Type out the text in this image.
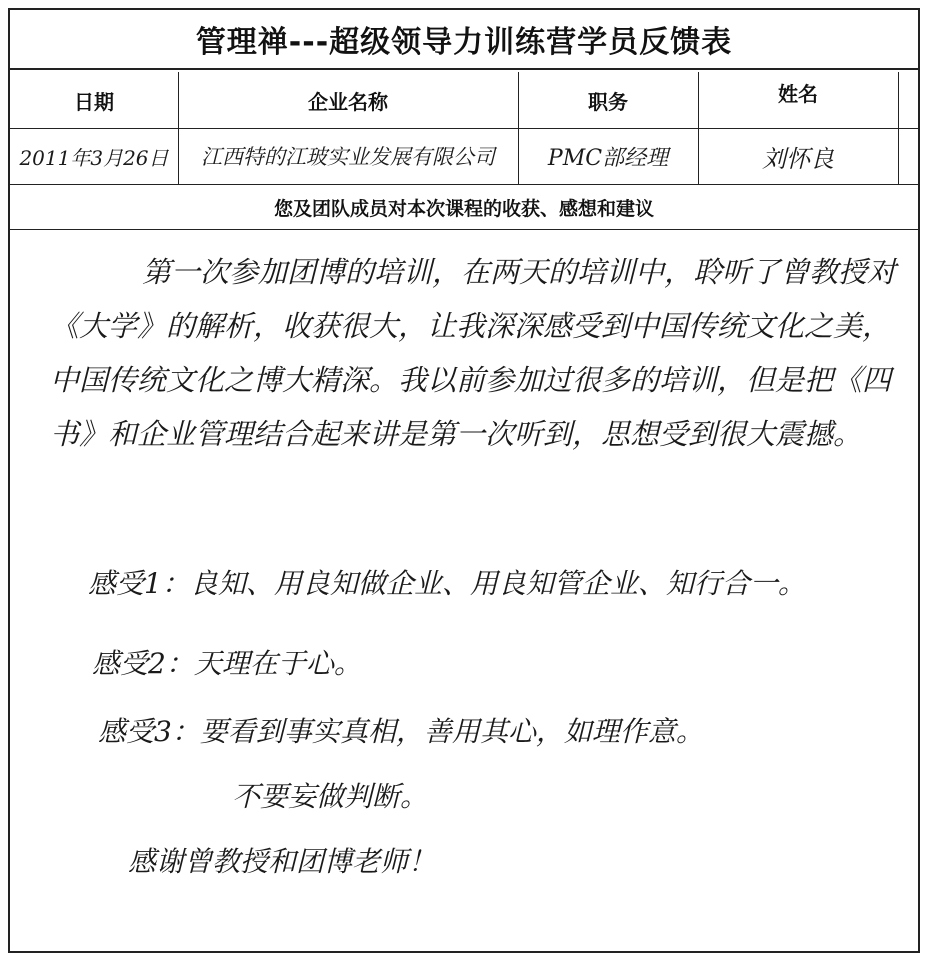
管理禅---超级领导力训练营学员反馈表
日期	企业名称	职务	姓名
2011年3月26日	江西特的江玻实业发展有限公司	PMC部经理	刘怀良
您及团队成员对本次课程的收获、感想和建议
第一次参加团博的培训，在两天的培训中，聆听了曾教授对《大学》的解析，收获很大，让我深深感受到中国传统文化之美，中国传统文化之博大精深。我以前参加过很多的培训，但是把《四书》和企业管理结合起来讲是第一次听到，思想受到很大震撼。
感受1：良知、用良知做企业、用良知管企业、知行合一。
感受2：天理在于心。
感受3：要看到事实真相，善用其心，如理作意。
不要妄做判断。
感谢曾教授和团博老师！
